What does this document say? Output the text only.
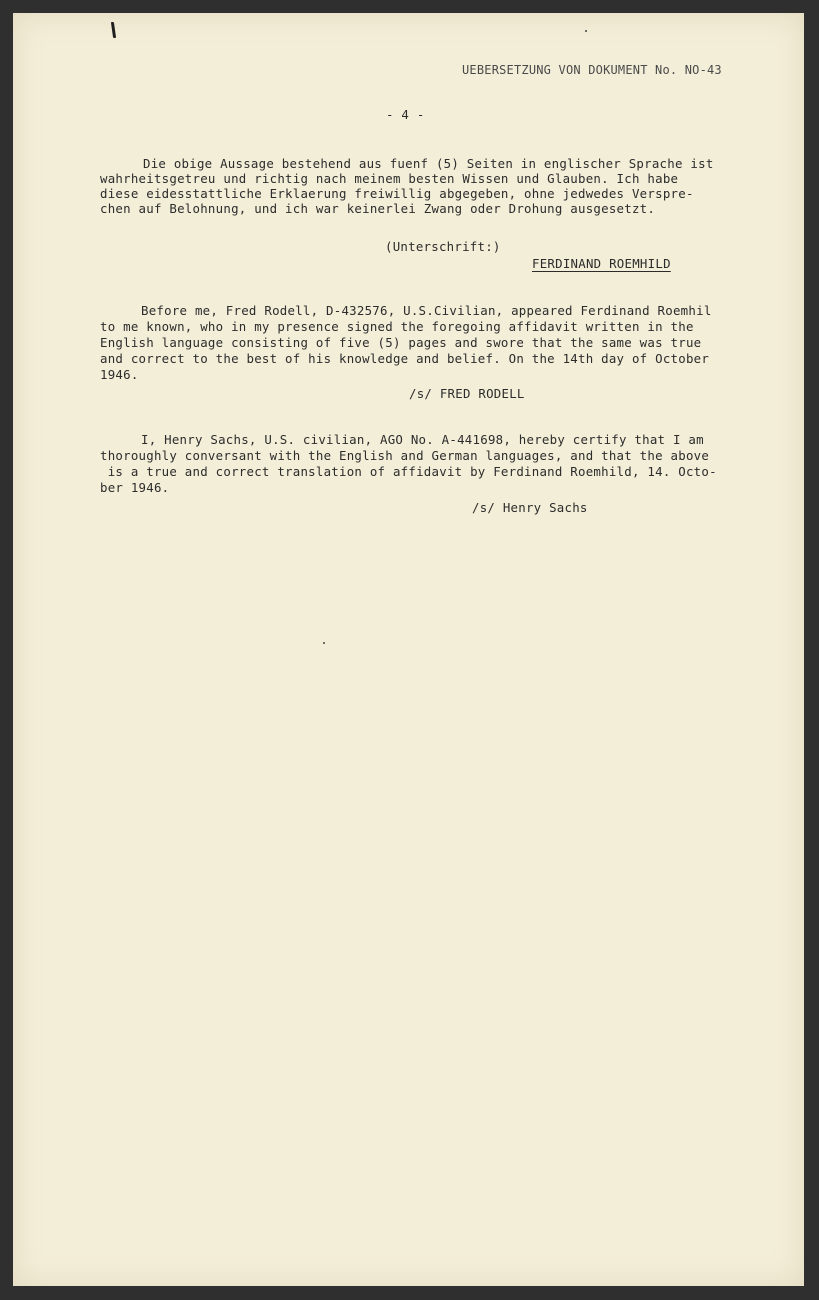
UEBERSETZUNG VON DOKUMENT No. NO-43

- 4 -

Die obige Aussage bestehend aus fuenf (5) Seiten in englischer Sprache ist

wahrheitsgetreu und richtig nach meinem besten Wissen und Glauben. Ich habe

diese eidesstattliche Erklaerung freiwillig abgegeben, ohne jedwedes Verspre-

chen auf Belohnung, und ich war keinerlei Zwang oder Drohung ausgesetzt.

(Unterschrift:)

FERDINAND ROEMHILD

Before me, Fred Rodell, D-432576, U.S.Civilian, appeared Ferdinand Roemhil

to me known, who in my presence signed the foregoing affidavit written in the

English language consisting of five (5) pages and swore that the same was true

and correct to the best of his knowledge and belief. On the 14th day of October

1946.

/s/ FRED RODELL

I, Henry Sachs, U.S. civilian, AGO No. A-441698, hereby certify that I am

thoroughly conversant with the English and German languages, and that the above

is a true and correct translation of affidavit by Ferdinand Roemhild, 14. Octo-

ber 1946.

/s/ Henry Sachs
